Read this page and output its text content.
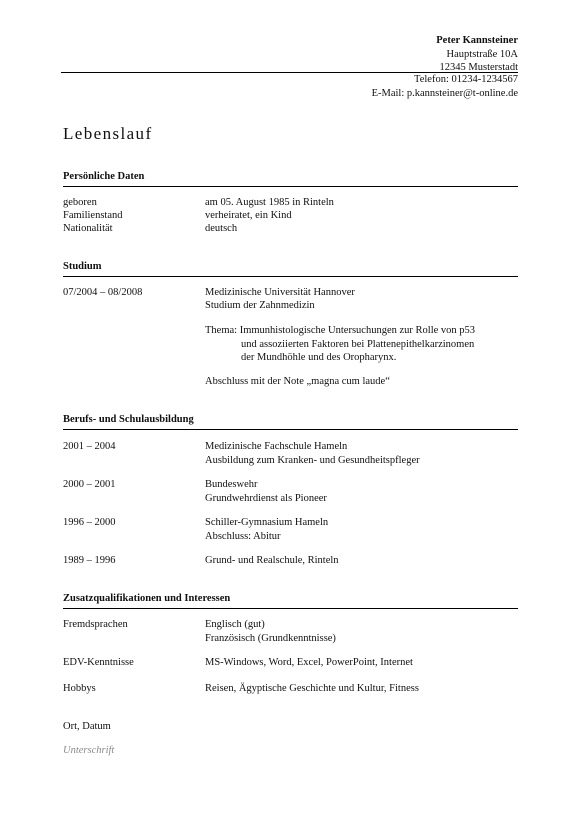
Peter Kannsteiner
Hauptstraße 10A
12345 Musterstadt
Telefon: 01234-1234567
E-Mail: p.kannsteiner@t-online.de
Lebenslauf
Persönliche Daten
geboren	am 05. August 1985 in Rinteln
Familienstand	verheiratet, ein Kind
Nationalität	deutsch
Studium
07/2004 – 08/2008	Medizinische Universität Hannover
Studium der Zahnmedizin
Thema: Immunhistologische Untersuchungen zur Rolle von p53
und assoziierten Faktoren bei Plattenepithelkarzinomen
der Mundhöhle und des Oropharynx.
Abschluss mit der Note „magna cum laude“
Berufs- und Schulausbildung
2001 – 2004	Medizinische Fachschule Hameln
Ausbildung zum Kranken- und Gesundheitspfleger
2000 – 2001	Bundeswehr
Grundwehrdienst als Pioneer
1996 – 2000	Schiller-Gymnasium Hameln
Abschluss: Abitur
1989 – 1996	Grund- und Realschule, Rinteln
Zusatzqualifikationen und Interessen
Fremdsprachen	Englisch (gut)
Französisch (Grundkenntnisse)
EDV-Kenntnisse	MS-Windows, Word, Excel, PowerPoint, Internet
Hobbys	Reisen, Ägyptische Geschichte und Kultur, Fitness
Ort, Datum
Unterschrift
